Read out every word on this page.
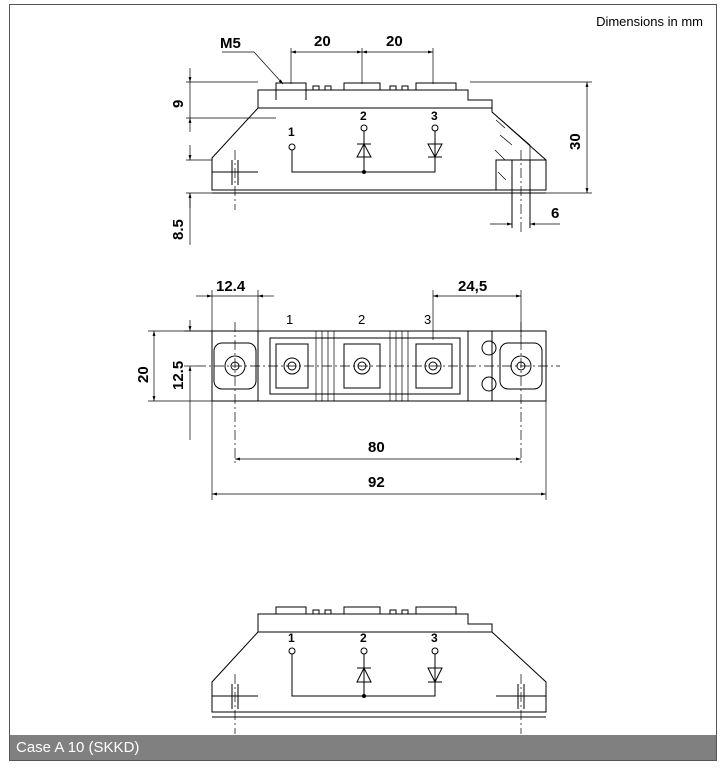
1
2	3
20	20
M5
9
8.5
30
6
1	2	3
12.4	24,5
20 12.5
80
92
1	2	3
Dimensions in mm
Case A 10 (SKKD)
